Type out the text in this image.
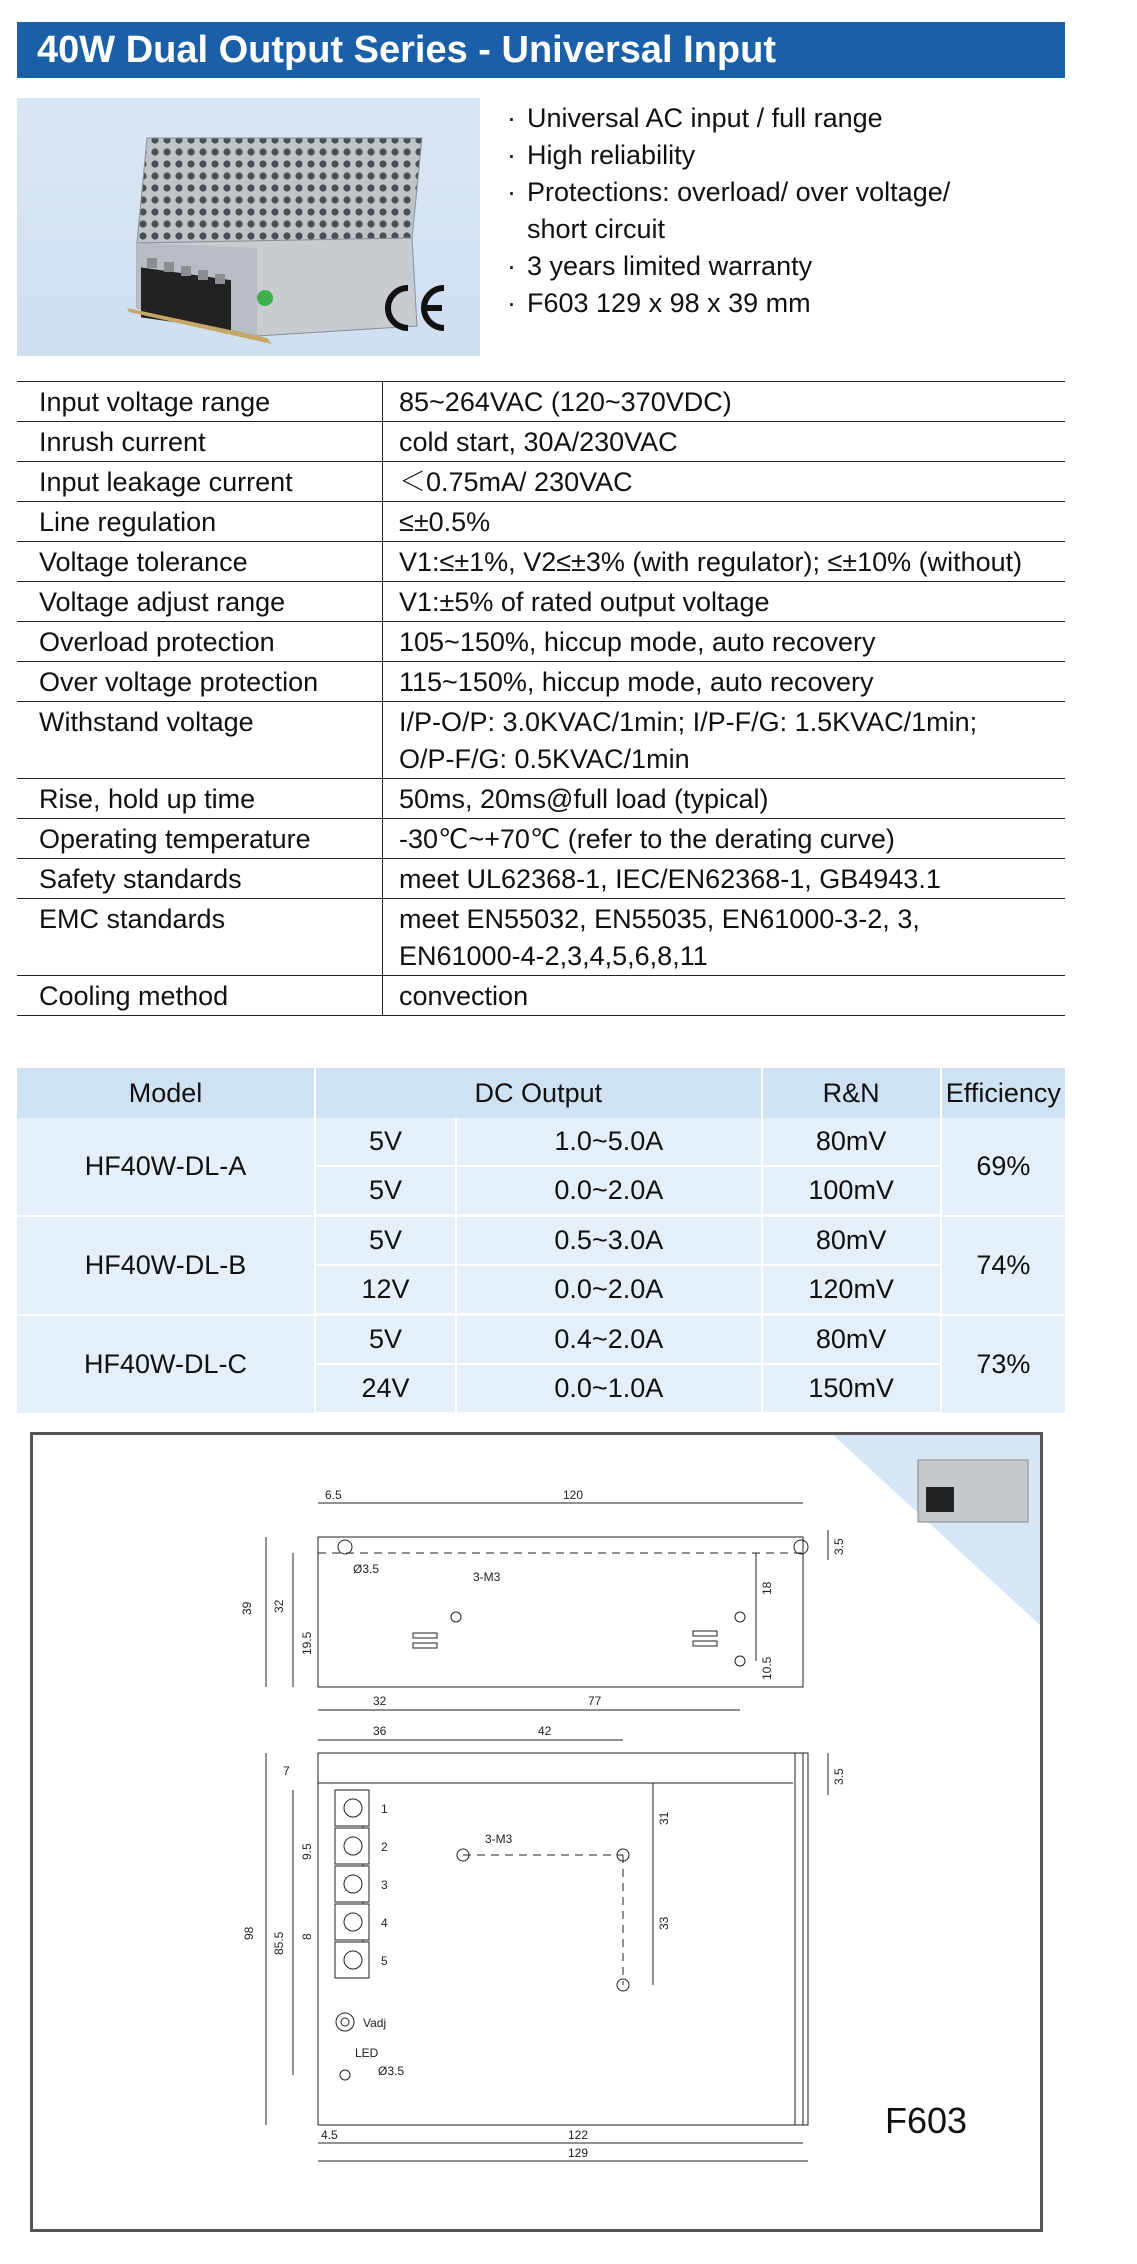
40W Dual Output Series - Universal Input
· Universal AC input / full range
· High reliability
· Protections: overload/ over voltage/
short circuit
· 3 years limited warranty
· F603 129 x 98 x 39 mm
Input voltage range	85~264VAC (120~370VDC)

Inrush current	cold start, 30A/230VAC

Input leakage current	＜0.75mA/ 230VAC

Line regulation	≤±0.5%

Voltage tolerance	V1:≤±1%, V2≤±3% (with regulator); ≤±10% (without)

Voltage adjust range	V1:±5% of rated output voltage

Overload protection	105~150%, hiccup mode, auto recovery

Over voltage protection	115~150%, hiccup mode, auto recovery

Withstand voltage	I/P-O/P: 3.0KVAC/1min; I/P-F/G: 1.5KVAC/1min;
O/P-F/G: 0.5KVAC/1min

Rise, hold up time	50ms, 20ms@full load (typical)

Operating temperature	-30℃~+70℃ (refer to the derating curve)

Safety standards	meet UL62368-1, IEC/EN62368-1, GB4943.1

EMC standards	meet EN55032, EN55035, EN61000-3-2, 3,
EN61000-4-2,3,4,5,6,8,11

Cooling method	convection
Model	DC Output		R&N	Efficiency
HF40W-DL-A	5V	1.0~5.0A	80mV	69%
	5V	0.0~2.0A	100mV	
HF40W-DL-B	5V	0.5~3.0A	80mV	74%
	12V	0.0~2.0A	120mV	
HF40W-DL-C	5V	0.4~2.0A	80mV	73%
	24V	0.0~1.0A	150mV	
6.5	120
Ø3.5
3-M3
39 32
19.5
18
3.5
10.5
32	77
36	42
7	3.5
31
9.5
3-M3
8
33
98 85.5
Vadj
LED
Ø3.5
4.5	122
129
1
2
3
4
5
F603
